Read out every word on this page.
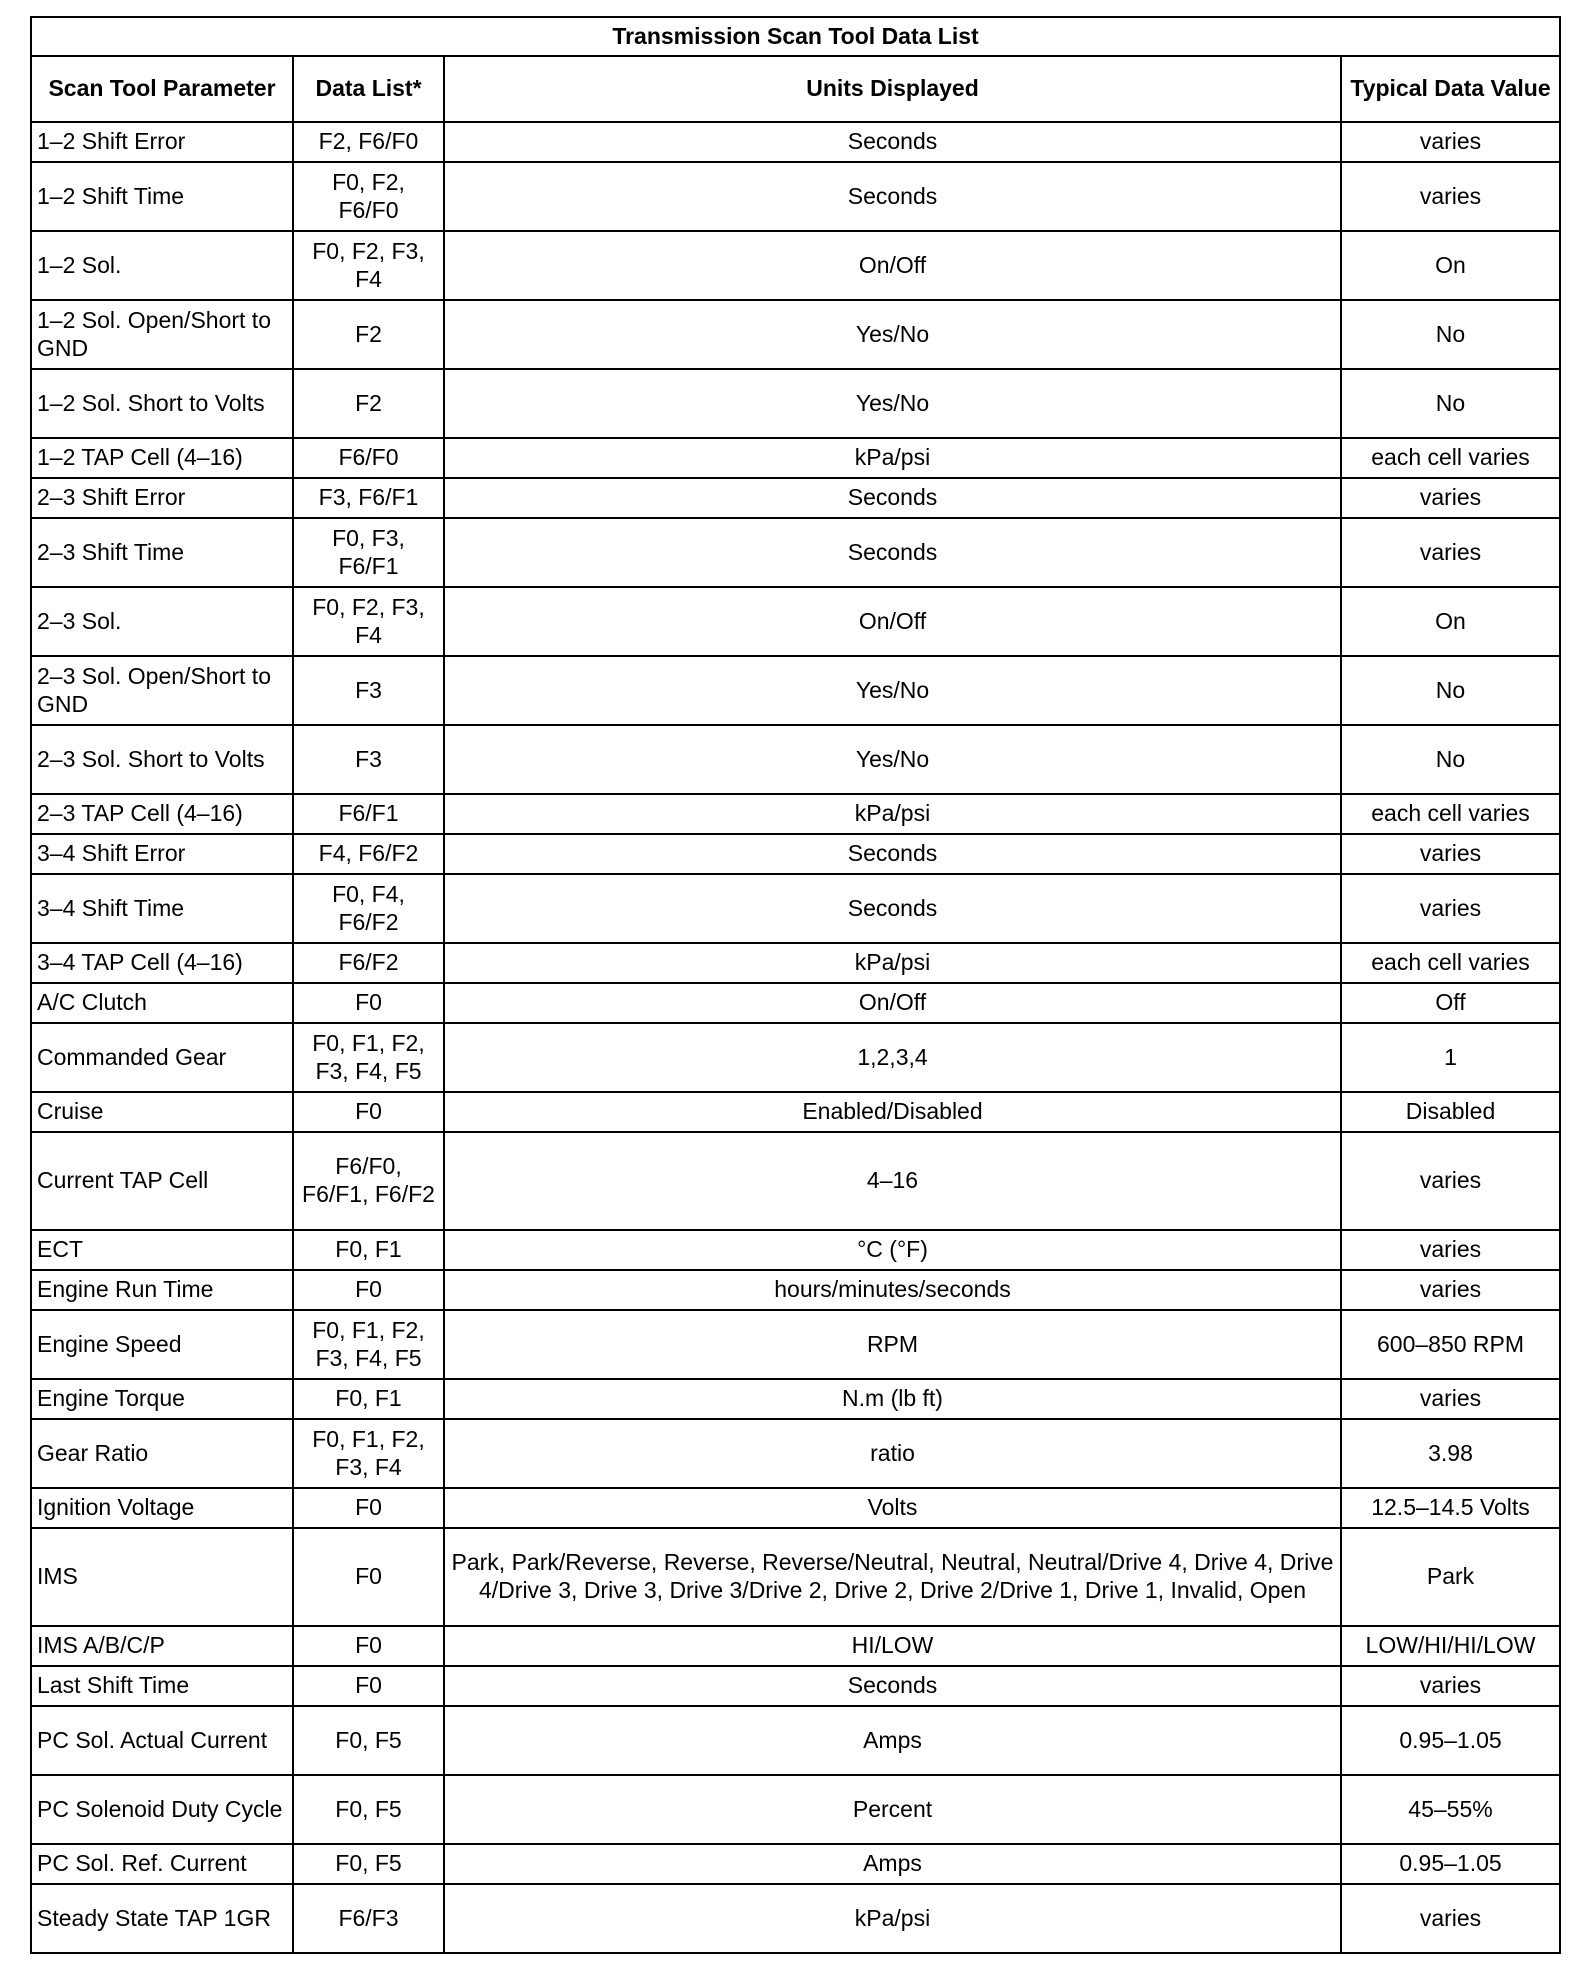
Transmission Scan Tool Data List			
Scan Tool Parameter	Data List*	Units Displayed	Typical Data Value
1–2 Shift Error	F2, F6/F0	Seconds	varies
1–2 Shift Time	F0, F2, F6/F0	Seconds	varies
1–2 Sol.	F0, F2, F3, F4	On/Off	On
1–2 Sol. Open/Short to GND	F2	Yes/No	No
1–2 Sol. Short to Volts	F2	Yes/No	No
1–2 TAP Cell (4–16)	F6/F0	kPa/psi	each cell varies
2–3 Shift Error	F3, F6/F1	Seconds	varies
2–3 Shift Time	F0, F3, F6/F1	Seconds	varies
2–3 Sol.	F0, F2, F3, F4	On/Off	On
2–3 Sol. Open/Short to GND	F3	Yes/No	No
2–3 Sol. Short to Volts	F3	Yes/No	No
2–3 TAP Cell (4–16)	F6/F1	kPa/psi	each cell varies
3–4 Shift Error	F4, F6/F2	Seconds	varies
3–4 Shift Time	F0, F4, F6/F2	Seconds	varies
3–4 TAP Cell (4–16)	F6/F2	kPa/psi	each cell varies
A/C Clutch	F0	On/Off	Off
Commanded Gear	F0, F1, F2, F3, F4, F5	1,2,3,4	1
Cruise	F0	Enabled/Disabled	Disabled
Current TAP Cell	F6/F0, F6/F1, F6/F2	4–16	varies
ECT	F0, F1	°C (°F)	varies
Engine Run Time	F0	hours/minutes/seconds	varies
Engine Speed	F0, F1, F2, F3, F4, F5	RPM	600–850 RPM
Engine Torque	F0, F1	N.m (lb ft)	varies
Gear Ratio	F0, F1, F2, F3, F4	ratio	3.98
Ignition Voltage	F0	Volts	12.5–14.5 Volts
IMS	F0	Park, Park/Reverse, Reverse, Reverse/Neutral, Neutral, Neutral/Drive 4, Drive 4, Drive 4/Drive 3, Drive 3, Drive 3/Drive 2, Drive 2, Drive 2/Drive 1, Drive 1, Invalid, Open	Park
IMS A/B/C/P	F0	HI/LOW	LOW/HI/HI/LOW
Last Shift Time	F0	Seconds	varies
PC Sol. Actual Current	F0, F5	Amps	0.95–1.05
PC Solenoid Duty Cycle	F0, F5	Percent	45–55%
PC Sol. Ref. Current	F0, F5	Amps	0.95–1.05
Steady State TAP 1GR	F6/F3	kPa/psi	varies
